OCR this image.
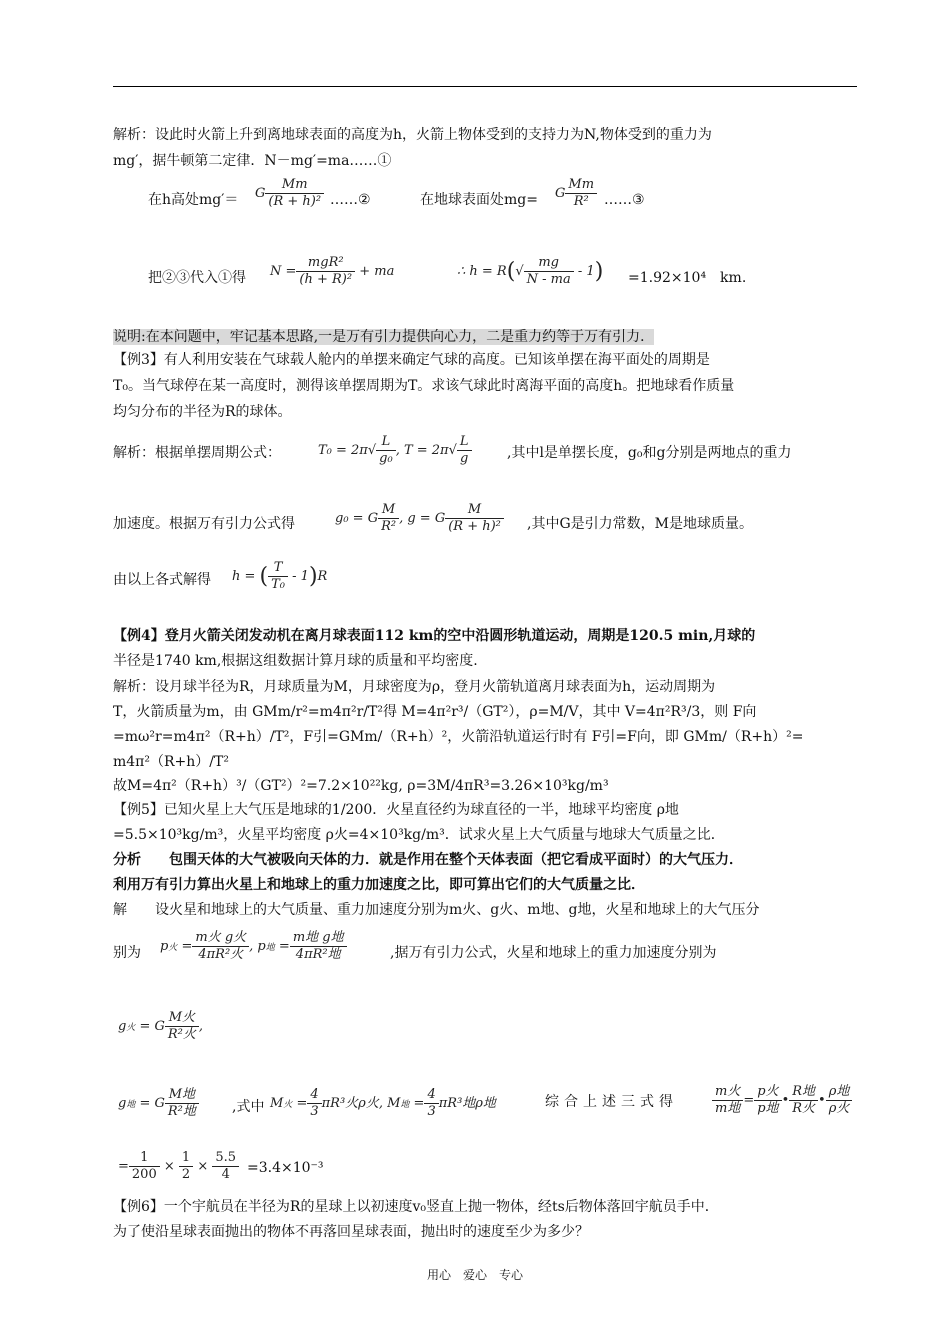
解析：设此时火箭上升到离地球表面的高度为h，火箭上物体受到的支持力为N,物体受到的重力为
mg′，据牛顿第二定律．N－mg′=ma……①
在h高处mg′＝ G $\frac{Mm}{\text{(R + h)²}}$ ……②	在地球表面处mg= G $\frac{Mm}{\text{R²}}$ ……③
把②③代入①得 $N = \frac{\text{mgR²}}{\text{(h + R)²}}$ + ma	∴ $h = R(√ \frac{mg}{N - ma} - 1) =1.92\times 10^4$　km.
说明:在本问题中，牢记基本思路,一是万有引力提供向心力，二是重力约等于万有引力．
【例3】有人利用安装在气球载人舱内的单摆来确定气球的高度。已知该单摆在海平面处的周期是
T₀。当气球停在某一高度时，测得该单摆周期为T。求该气球此时离海平面的高度h。把地球看作质量
均匀分布的半径为R的球体。
解析：根据单摆周期公式：	$T_0 = 2\pi√ \frac{L}{\text{g₀}}$ , $T = 2\pi√ \frac{L}{g}$	,其中l是单摆长度，g₀和g分别是两地点的重力
加速度。根据万有引力公式得	g₀ = G $\frac{M}{\text{R²}}$ , g = G $\frac{M}{\text{(R + h)²}}$ ,其中G是引力常数，M是地球质量。
由以上各式解得 h = ( $\frac{T}{\text{T₀}} - 1)R$
【例4】登月火箭关闭发动机在离月球表面112 km的空中沿圆形轨道运动，周期是120.5 min,月球的
半径是1740 km,根据这组数据计算月球的质量和平均密度.
解析：设月球半径为R，月球质量为M，月球密度为ρ，登月火箭轨道离月球表面为h，运动周期为
T，火箭质量为m，由 GMm/r²=m4π²r/T²得 M=4π²r³/（GT²），ρ=M/V，其中 V=4π²R³/3，则 F向
=mω²r=m4π²（R+h）/T²，F引=GMm/（R+h）²，火箭沿轨道运行时有 F引=F向，即 GMm/（R+h）²=
m4π²（R+h）/T²
故M=4π²（R+h）³/（GT²）²=7.2×10²²kg, ρ=3M/4πR³=3.26×10³kg/m³
【例5】已知火星上大气压是地球的1/200．火星直径约为球直径的一半，地球平均密度 ρ地
=5.5×10³kg/m³，火星平均密度 ρ火=4×10³kg/m³．试求火星上大气质量与地球大气质量之比．
分析　　包围天体的大气被吸向天体的力．就是作用在整个天体表面（把它看成平面时）的大气压力．
利用万有引力算出火星上和地球上的重力加速度之比，即可算出它们的大气质量之比．
解　　设火星和地球上的大气质量、重力加速度分别为m火、g火、m地、g地，火星和地球上的大气压分
别为 p火 = $\frac{\text{m火 g火}}{\text{4πR²火}}$ , p地 = $\frac{\text{m地 g地}}{\text{4πR²地}}$	,据万有引力公式，火星和地球上的重力加速度分别为
g火 = G $\frac{\text{M火}}{\text{R²火}}$ ,
g地 = G $\frac{\text{M地}}{\text{R²地}}$ ,式中 M火 = $\frac{4}{3} \pi R^3$火ρ火, M地 = $\frac{4}{3} \pi R^3$地ρ地	综合上述三式得	$\frac{\text{m火}}{\text{m地}} = \frac{\text{p火}}{\text{p地}}$ • $\frac{\text{R地}}{\text{R火}}$ • $\frac{\text{ρ地}}{\text{ρ火}}$
= $\frac{1}{200} \times \frac{1}{2} \times \frac{5.5}{4} =3.4\times 10^{-3}$
【例6】一个宇航员在半径为R的星球上以初速度v₀竖直上抛一物体，经ts后物体落回宇航员手中．
为了使沿星球表面抛出的物体不再落回星球表面，抛出时的速度至少为多少？
用心　爱心　专心
